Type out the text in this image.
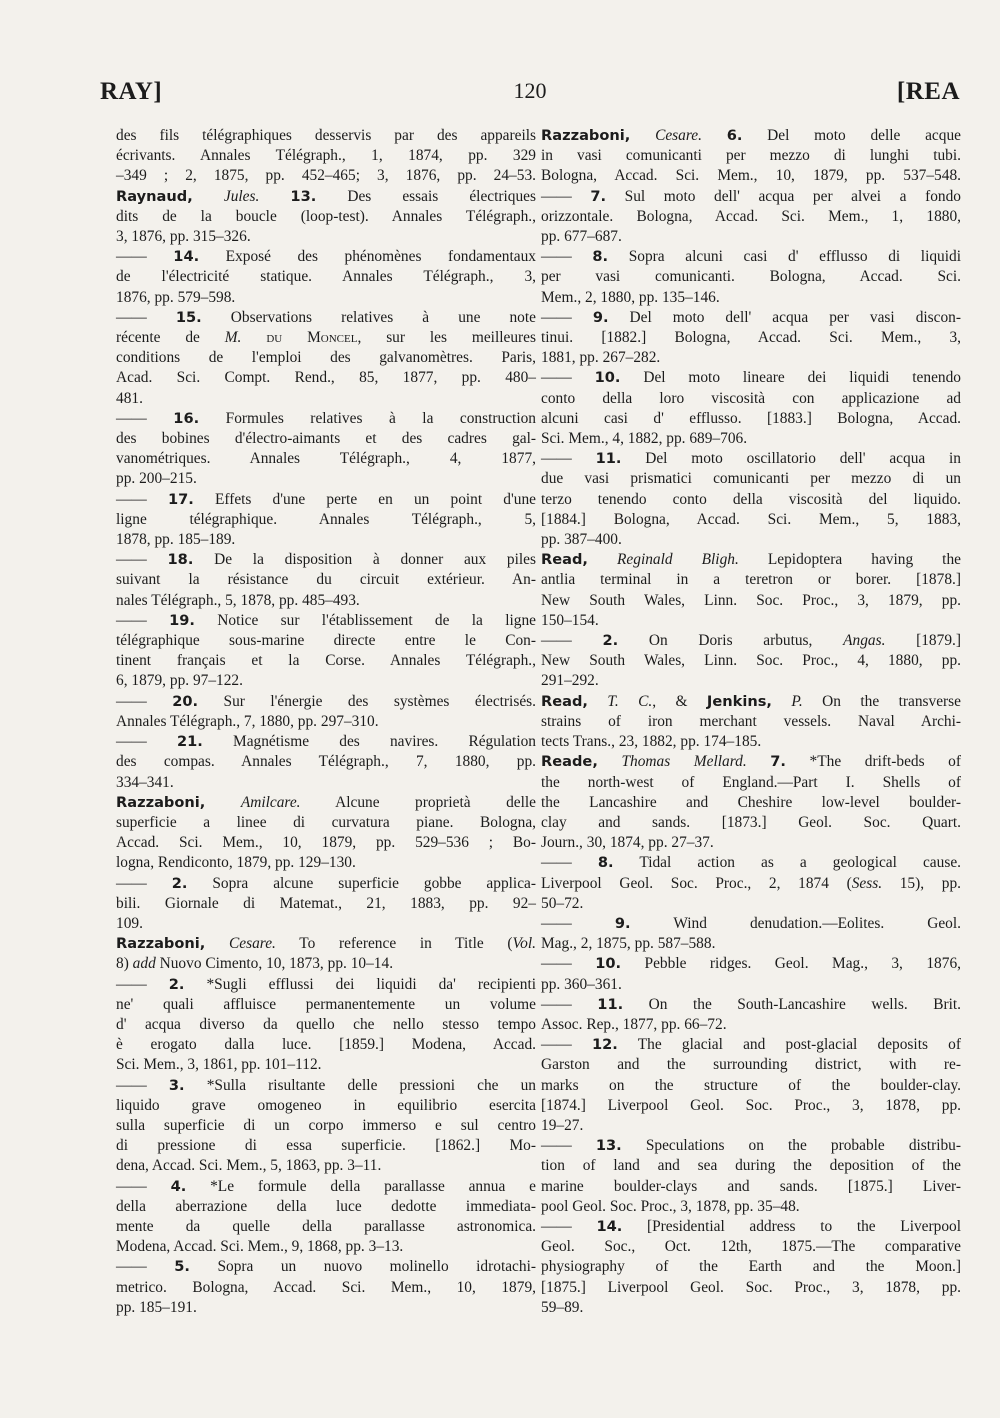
RAY]	120	[REA
des fils télégraphiques desservis par des appareils
écrivants. Annales Télégraph., 1, 1874, pp. 329
–349 ; 2, 1875, pp. 452–465; 3, 1876, pp. 24–53.
Raynaud, Jules. 13. Des essais électriques
dits de la boucle (loop-test). Annales Télégraph.,
3, 1876, pp. 315–326.
—— 14. Exposé des phénomènes fondamentaux
de l'électricité statique. Annales Télégraph., 3,
1876, pp. 579–598.
—— 15. Observations relatives à une note
récente de M. du Moncel, sur les meilleures
conditions de l'emploi des galvanomètres. Paris,
Acad. Sci. Compt. Rend., 85, 1877, pp. 480–
481.
—— 16. Formules relatives à la construction
des bobines d'électro-aimants et des cadres gal-
vanométriques. Annales Télégraph., 4, 1877,
pp. 200–215.
—— 17. Effets d'une perte en un point d'une
ligne télégraphique. Annales Télégraph., 5,
1878, pp. 185–189.
—— 18. De la disposition à donner aux piles
suivant la résistance du circuit extérieur. An-
nales Télégraph., 5, 1878, pp. 485–493.
—— 19. Notice sur l'établissement de la ligne
télégraphique sous-marine directe entre le Con-
tinent français et la Corse. Annales Télégraph.,
6, 1879, pp. 97–122.
—— 20. Sur l'énergie des systèmes électrisés.
Annales Télégraph., 7, 1880, pp. 297–310.
—— 21. Magnétisme des navires. Régulation
des compas. Annales Télégraph., 7, 1880, pp.
334–341.
Razzaboni, Amilcare. Alcune proprietà delle
superficie a linee di curvatura piane. Bologna,
Accad. Sci. Mem., 10, 1879, pp. 529–536 ; Bo-
logna, Rendiconto, 1879, pp. 129–130.
—— 2. Sopra alcune superficie gobbe applica-
bili. Giornale di Matemat., 21, 1883, pp. 92–
109.
Razzaboni, Cesare. To reference in Title (Vol.
8) add Nuovo Cimento, 10, 1873, pp. 10–14.
—— 2. *Sugli efflussi dei liquidi da' recipienti
ne' quali affluisce permanentemente un volume
d' acqua diverso da quello che nello stesso tempo
è erogato dalla luce. [1859.] Modena, Accad.
Sci. Mem., 3, 1861, pp. 101–112.
—— 3. *Sulla risultante delle pressioni che un
liquido grave omogeneo in equilibrio esercita
sulla superficie di un corpo immerso e sul centro
di pressione di essa superficie. [1862.] Mo-
dena, Accad. Sci. Mem., 5, 1863, pp. 3–11.
—— 4. *Le formule della parallasse annua e
della aberrazione della luce dedotte immediata-
mente da quelle della parallasse astronomica.
Modena, Accad. Sci. Mem., 9, 1868, pp. 3–13.
—— 5. Sopra un nuovo molinello idrotachi-
metrico. Bologna, Accad. Sci. Mem., 10, 1879,
pp. 185–191.
Razzaboni, Cesare. 6. Del moto delle acque
in vasi comunicanti per mezzo di lunghi tubi.
Bologna, Accad. Sci. Mem., 10, 1879, pp. 537–548.
—— 7. Sul moto dell' acqua per alvei a fondo
orizzontale. Bologna, Accad. Sci. Mem., 1, 1880,
pp. 677–687.
—— 8. Sopra alcuni casi d' efflusso di liquidi
per vasi comunicanti. Bologna, Accad. Sci.
Mem., 2, 1880, pp. 135–146.
—— 9. Del moto dell' acqua per vasi discon-
tinui. [1882.] Bologna, Accad. Sci. Mem., 3,
1881, pp. 267–282.
—— 10. Del moto lineare dei liquidi tenendo
conto della loro viscosità con applicazione ad
alcuni casi d' efflusso. [1883.] Bologna, Accad.
Sci. Mem., 4, 1882, pp. 689–706.
—— 11. Del moto oscillatorio dell' acqua in
due vasi prismatici comunicanti per mezzo di un
terzo tenendo conto della viscosità del liquido.
[1884.] Bologna, Accad. Sci. Mem., 5, 1883,
pp. 387–400.
Read, Reginald Bligh. Lepidoptera having the
antlia terminal in a teretron or borer. [1878.]
New South Wales, Linn. Soc. Proc., 3, 1879, pp.
150–154.
—— 2. On Doris arbutus, Angas. [1879.]
New South Wales, Linn. Soc. Proc., 4, 1880, pp.
291–292.
Read, T. C., & Jenkins, P. On the transverse
strains of iron merchant vessels. Naval Archi-
tects Trans., 23, 1882, pp. 174–185.
Reade, Thomas Mellard. 7. *The drift-beds of
the north-west of England.—Part I. Shells of
the Lancashire and Cheshire low-level boulder-
clay and sands. [1873.] Geol. Soc. Quart.
Journ., 30, 1874, pp. 27–37.
—— 8. Tidal action as a geological cause.
Liverpool Geol. Soc. Proc., 2, 1874 (Sess. 15), pp.
50–72.
—— 9. Wind denudation.—Eolites. Geol.
Mag., 2, 1875, pp. 587–588.
—— 10. Pebble ridges. Geol. Mag., 3, 1876,
pp. 360–361.
—— 11. On the South-Lancashire wells. Brit.
Assoc. Rep., 1877, pp. 66–72.
—— 12. The glacial and post-glacial deposits of
Garston and the surrounding district, with re-
marks on the structure of the boulder-clay.
[1874.] Liverpool Geol. Soc. Proc., 3, 1878, pp.
19–27.
—— 13. Speculations on the probable distribu-
tion of land and sea during the deposition of the
marine boulder-clays and sands. [1875.] Liver-
pool Geol. Soc. Proc., 3, 1878, pp. 35–48.
—— 14. [Presidential address to the Liverpool
Geol. Soc., Oct. 12th, 1875.—The comparative
physiography of the Earth and the Moon.]
[1875.] Liverpool Geol. Soc. Proc., 3, 1878, pp.
59–89.
